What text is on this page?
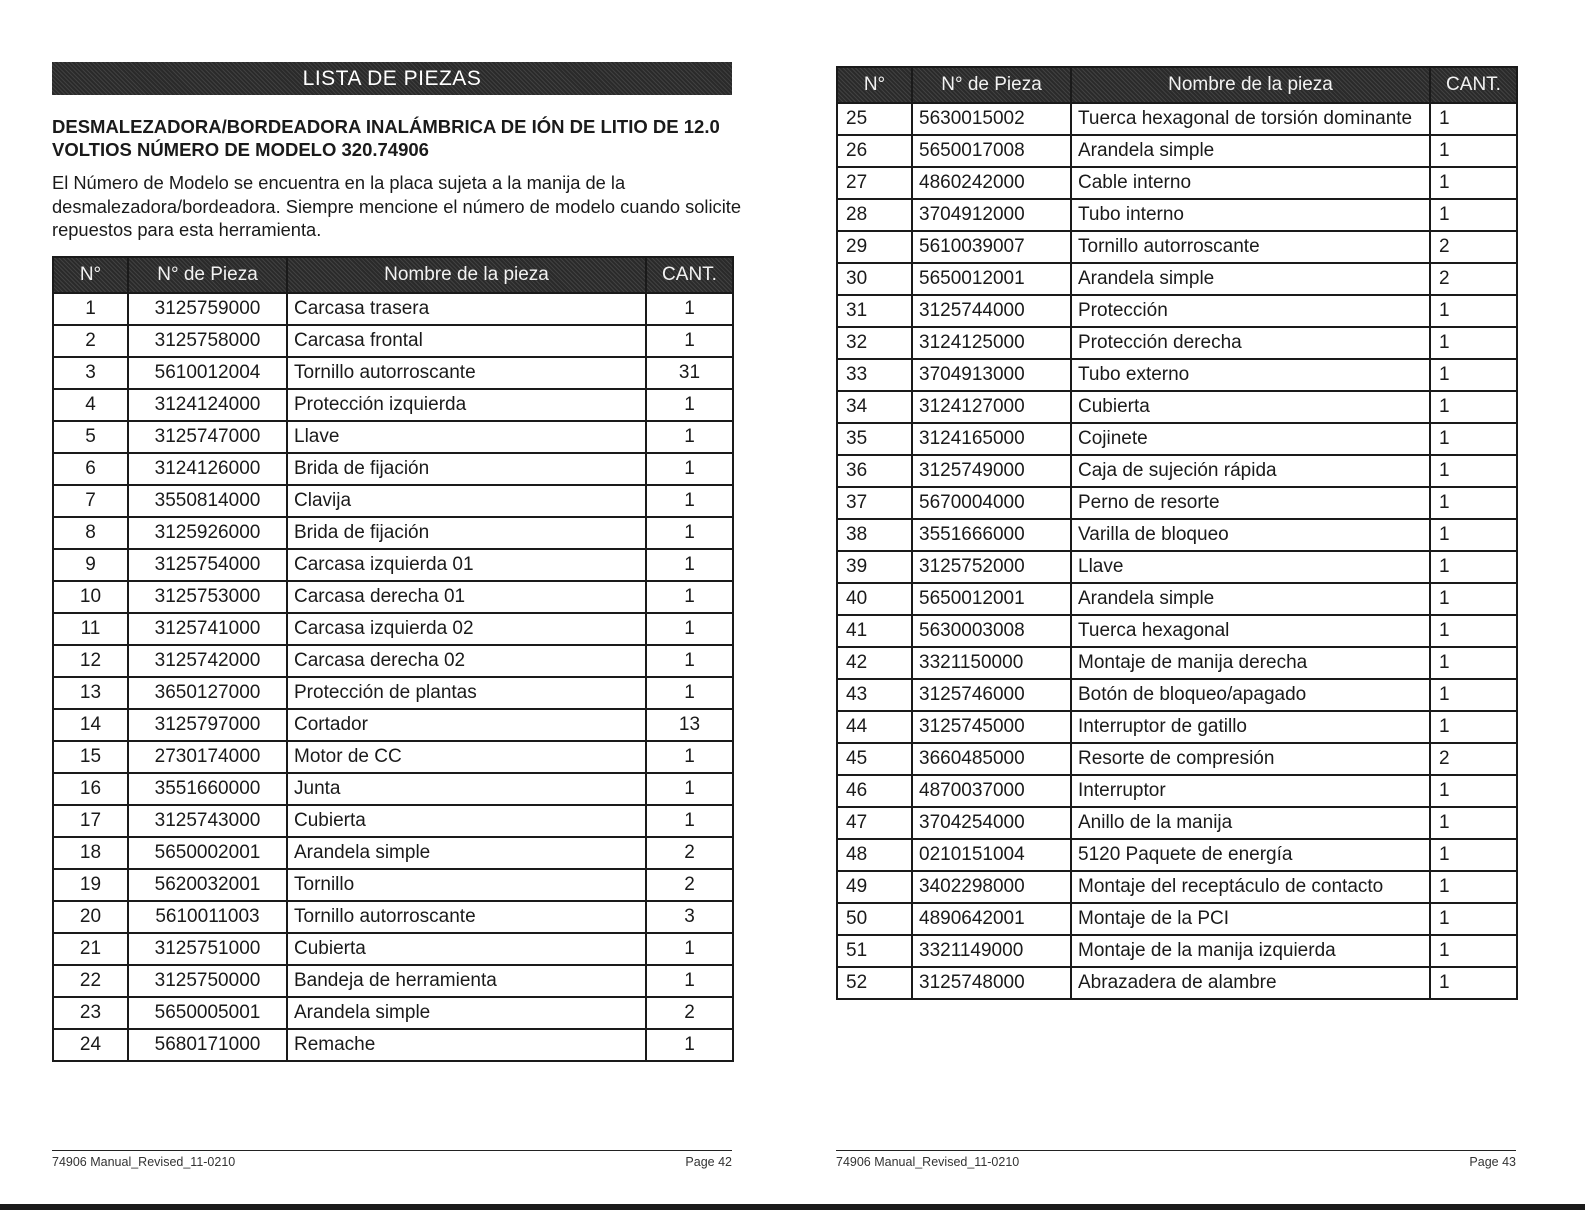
LISTA DE PIEZAS
DESMALEZADORA/BORDEADORA INALÁMBRICA DE IÓN DE LITIO DE 12.0 VOLTIOS NÚMERO DE MODELO 320.74906

El Número de Modelo se encuentra en la placa sujeta a la manija de la desmalezadora/bordeadora. Siempre mencione el número de modelo cuando solicite repuestos para esta herramienta.

N°	N° de Pieza	Nombre de la pieza	CANT.
1	3125759000	Carcasa trasera	1
2	3125758000	Carcasa frontal	1
3	5610012004	Tornillo autorroscante	31
4	3124124000	Protección izquierda	1
5	3125747000	Llave	1
6	3124126000	Brida de fijación	1
7	3550814000	Clavija	1
8	3125926000	Brida de fijación	1
9	3125754000	Carcasa izquierda 01	1
10	3125753000	Carcasa derecha 01	1
11	3125741000	Carcasa izquierda 02	1
12	3125742000	Carcasa derecha 02	1
13	3650127000	Protección de plantas	1
14	3125797000	Cortador	13
15	2730174000	Motor de CC	1
16	3551660000	Junta	1
17	3125743000	Cubierta	1
18	5650002001	Arandela simple	2
19	5620032001	Tornillo	2
20	5610011003	Tornillo autorroscante	3
21	3125751000	Cubierta	1
22	3125750000	Bandeja de herramienta	1
23	5650005001	Arandela simple	2
24	5680171000	Remache	1
74906 Manual_Revised_11-0210	Page 42
N°	N° de Pieza	Nombre de la pieza	CANT.
25	5630015002	Tuerca hexagonal de torsión dominante	1
26	5650017008	Arandela simple	1
27	4860242000	Cable interno	1
28	3704912000	Tubo interno	1
29	5610039007	Tornillo autorroscante	2
30	5650012001	Arandela simple	2
31	3125744000	Protección	1
32	3124125000	Protección derecha	1
33	3704913000	Tubo externo	1
34	3124127000	Cubierta	1
35	3124165000	Cojinete	1
36	3125749000	Caja de sujeción rápida	1
37	5670004000	Perno de resorte	1
38	3551666000	Varilla de bloqueo	1
39	3125752000	Llave	1
40	5650012001	Arandela simple	1
41	5630003008	Tuerca hexagonal	1
42	3321150000	Montaje de manija derecha	1
43	3125746000	Botón de bloqueo/apagado	1
44	3125745000	Interruptor de gatillo	1
45	3660485000	Resorte de compresión	2
46	4870037000	Interruptor	1
47	3704254000	Anillo de la manija	1
48	0210151004	5120 Paquete de energía	1
49	3402298000	Montaje del receptáculo de contacto	1
50	4890642001	Montaje de la PCI	1
51	3321149000	Montaje de la manija izquierda	1
52	3125748000	Abrazadera de alambre	1
74906 Manual_Revised_11-0210	Page 43
